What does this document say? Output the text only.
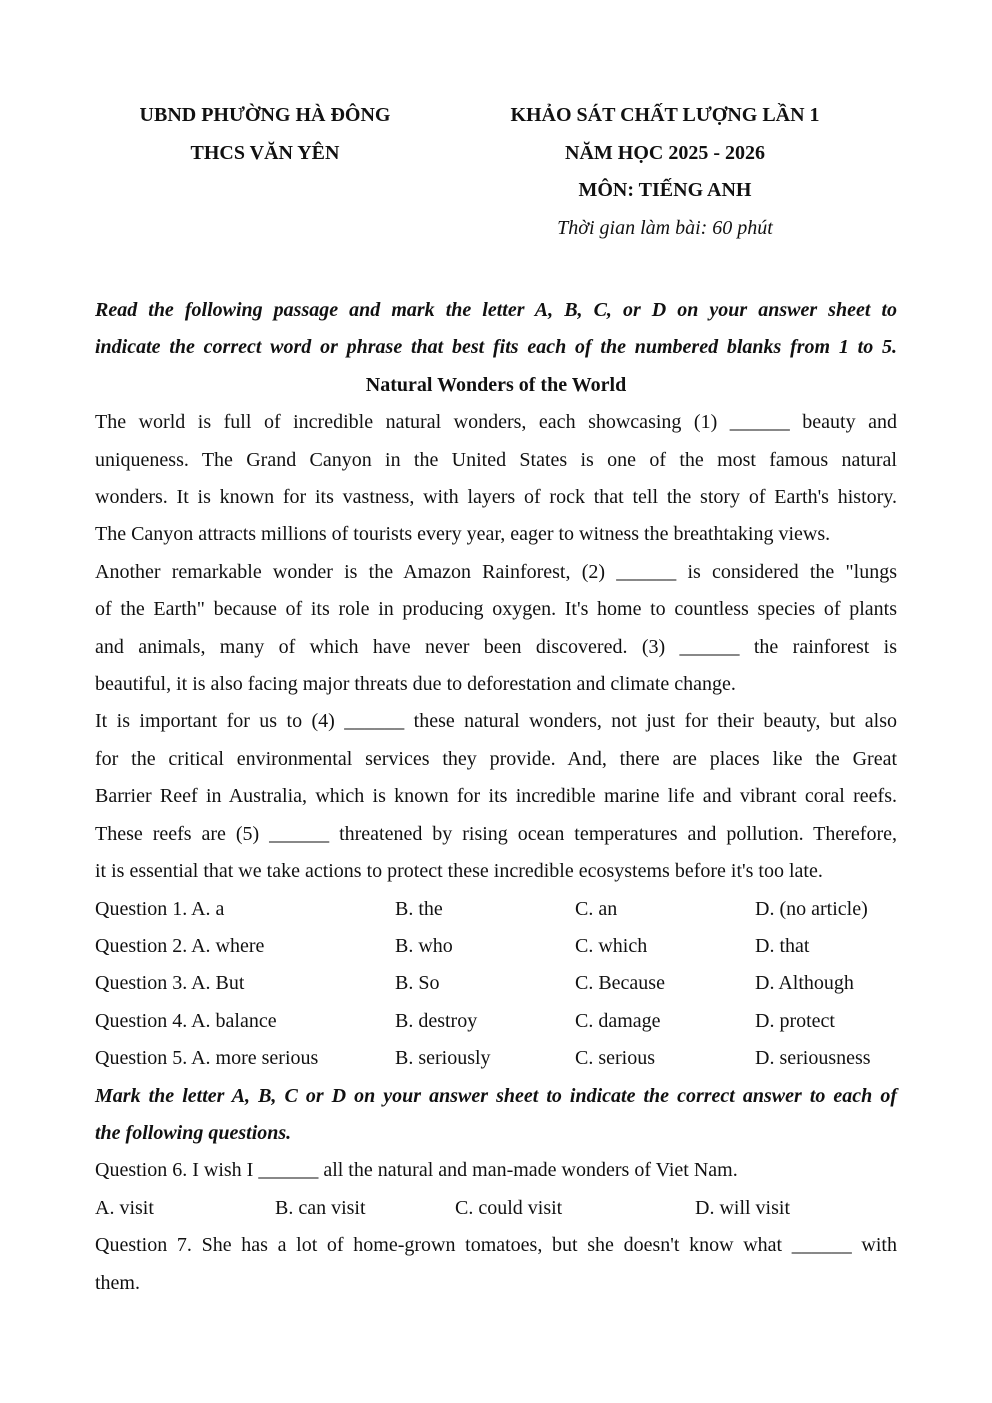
UBND PHƯỜNG HÀ ĐÔNG
THCS VĂN YÊN
KHẢO SÁT CHẤT LƯỢNG LẦN 1
NĂM HỌC 2025 - 2026
MÔN: TIẾNG ANH
Thời gian làm bài: 60 phút

Read the following passage and mark the letter A, B, C, or D on your answer sheet to

indicate the correct word or phrase that best fits each of the numbered blanks from 1 to 5.

Natural Wonders of the World

The world is full of incredible natural wonders, each showcasing (1) ______ beauty and

uniqueness. The Grand Canyon in the United States is one of the most famous natural

wonders. It is known for its vastness, with layers of rock that tell the story of Earth's history.

The Canyon attracts millions of tourists every year, eager to witness the breathtaking views.

Another remarkable wonder is the Amazon Rainforest, (2) ______ is considered the "lungs

of the Earth" because of its role in producing oxygen. It's home to countless species of plants

and animals, many of which have never been discovered. (3) ______ the rainforest is

beautiful, it is also facing major threats due to deforestation and climate change.

It is important for us to (4) ______ these natural wonders, not just for their beauty, but also

for the critical environmental services they provide. And, there are places like the Great

Barrier Reef in Australia, which is known for its incredible marine life and vibrant coral reefs.

These reefs are (5) ______ threatened by rising ocean temperatures and pollution. Therefore,

it is essential that we take actions to protect these incredible ecosystems before it's too late.

Question 1. A. a	B. the	C. an	D. (no article)
Question 2. A. where	B. who	C. which	D. that
Question 3. A. But	B. So	C. Because	D. Although
Question 4. A. balance	B. destroy	C. damage	D. protect
Question 5. A. more serious	B. seriously	C. serious	D. seriousness

Mark the letter A, B, C or D on your answer sheet to indicate the correct answer to each of

the following questions.

Question 6. I wish I ______ all the natural and man-made wonders of Viet Nam.

A. visit	B. can visit	C. could visit	D. will visit

Question 7. She has a lot of home-grown tomatoes, but she doesn't know what ______ with

them.
